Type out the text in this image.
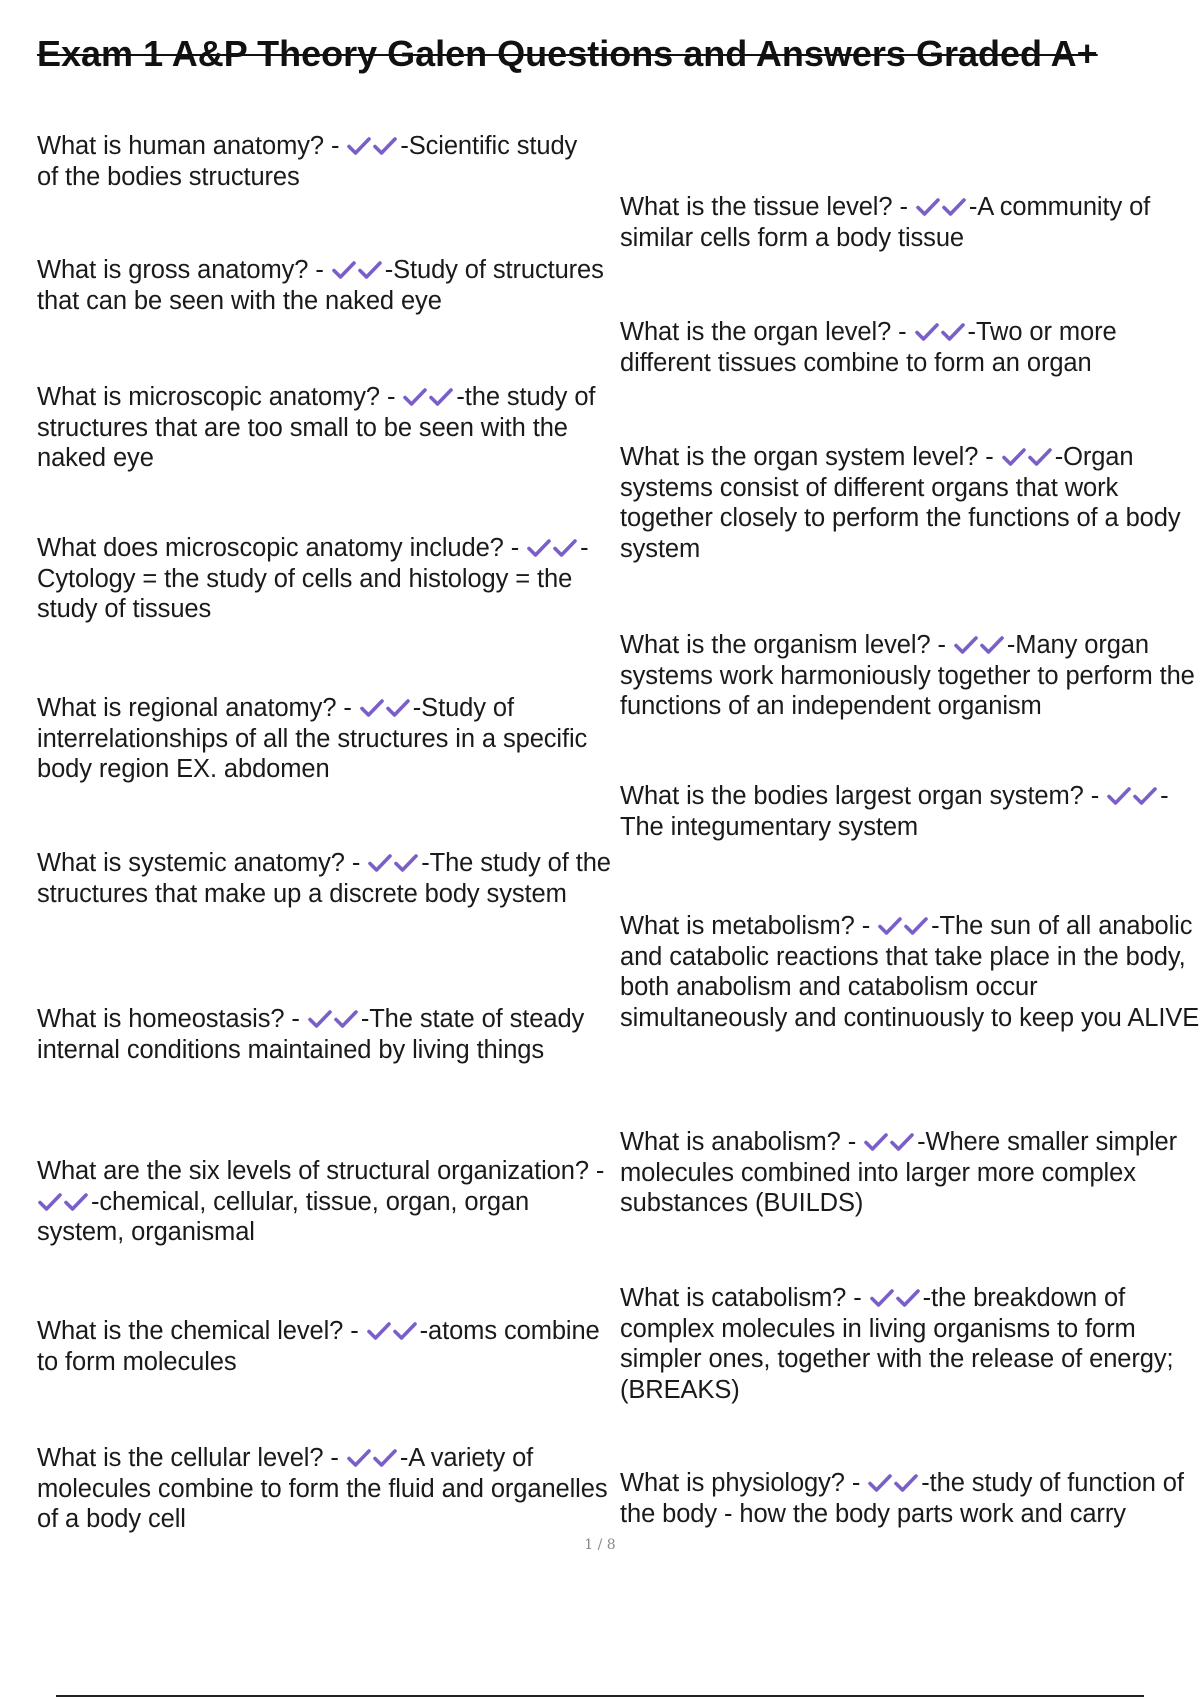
Exam 1 A&P Theory Galen Questions and Answers Graded A+
What is human anatomy? -
-Scientific study of the bodies structures
What is gross anatomy? -
-Study of structures that can be seen with the naked eye
What is microscopic anatomy? -
-the study of structures that are too small to be seen with the naked eye
What does microscopic anatomy include? -
-Cytology = the study of cells and histology = the study of tissues
What is regional anatomy? -
-Study of interrelationships of all the structures in a specific body region EX. abdomen
What is systemic anatomy? -
-The study of the structures that make up a discrete body system
What is homeostasis? -
-The state of steady internal conditions maintained by living things
What are the six levels of structural organization? -
-chemical, cellular, tissue, organ, organ system, organismal
What is the chemical level? -
-atoms combine to form molecules
What is the cellular level? -
-A variety of molecules combine to form the fluid and organelles of a body cell
What is the tissue level? -
-A community of similar cells form a body tissue
What is the organ level? -
-Two or more different tissues combine to form an organ
What is the organ system level? -
-Organ systems consist of different organs that work together closely to perform the functions of a body system
What is the organism level? -
-Many organ systems work harmoniously together to perform the functions of an independent organism
What is the bodies largest organ system? -
-The integumentary system
What is metabolism? -
-The sun of all anabolic and catabolic reactions that take place in the body, both anabolism and catabolism occur simultaneously and continuously to keep you ALIVE
What is anabolism? -
-Where smaller simpler molecules combined into larger more complex substances (BUILDS)
What is catabolism? -
-the breakdown of complex molecules in living organisms to form simpler ones, together with the release of energy; (BREAKS)
What is physiology? -
-the study of function of the body - how the body parts work and carry
1 / 8
